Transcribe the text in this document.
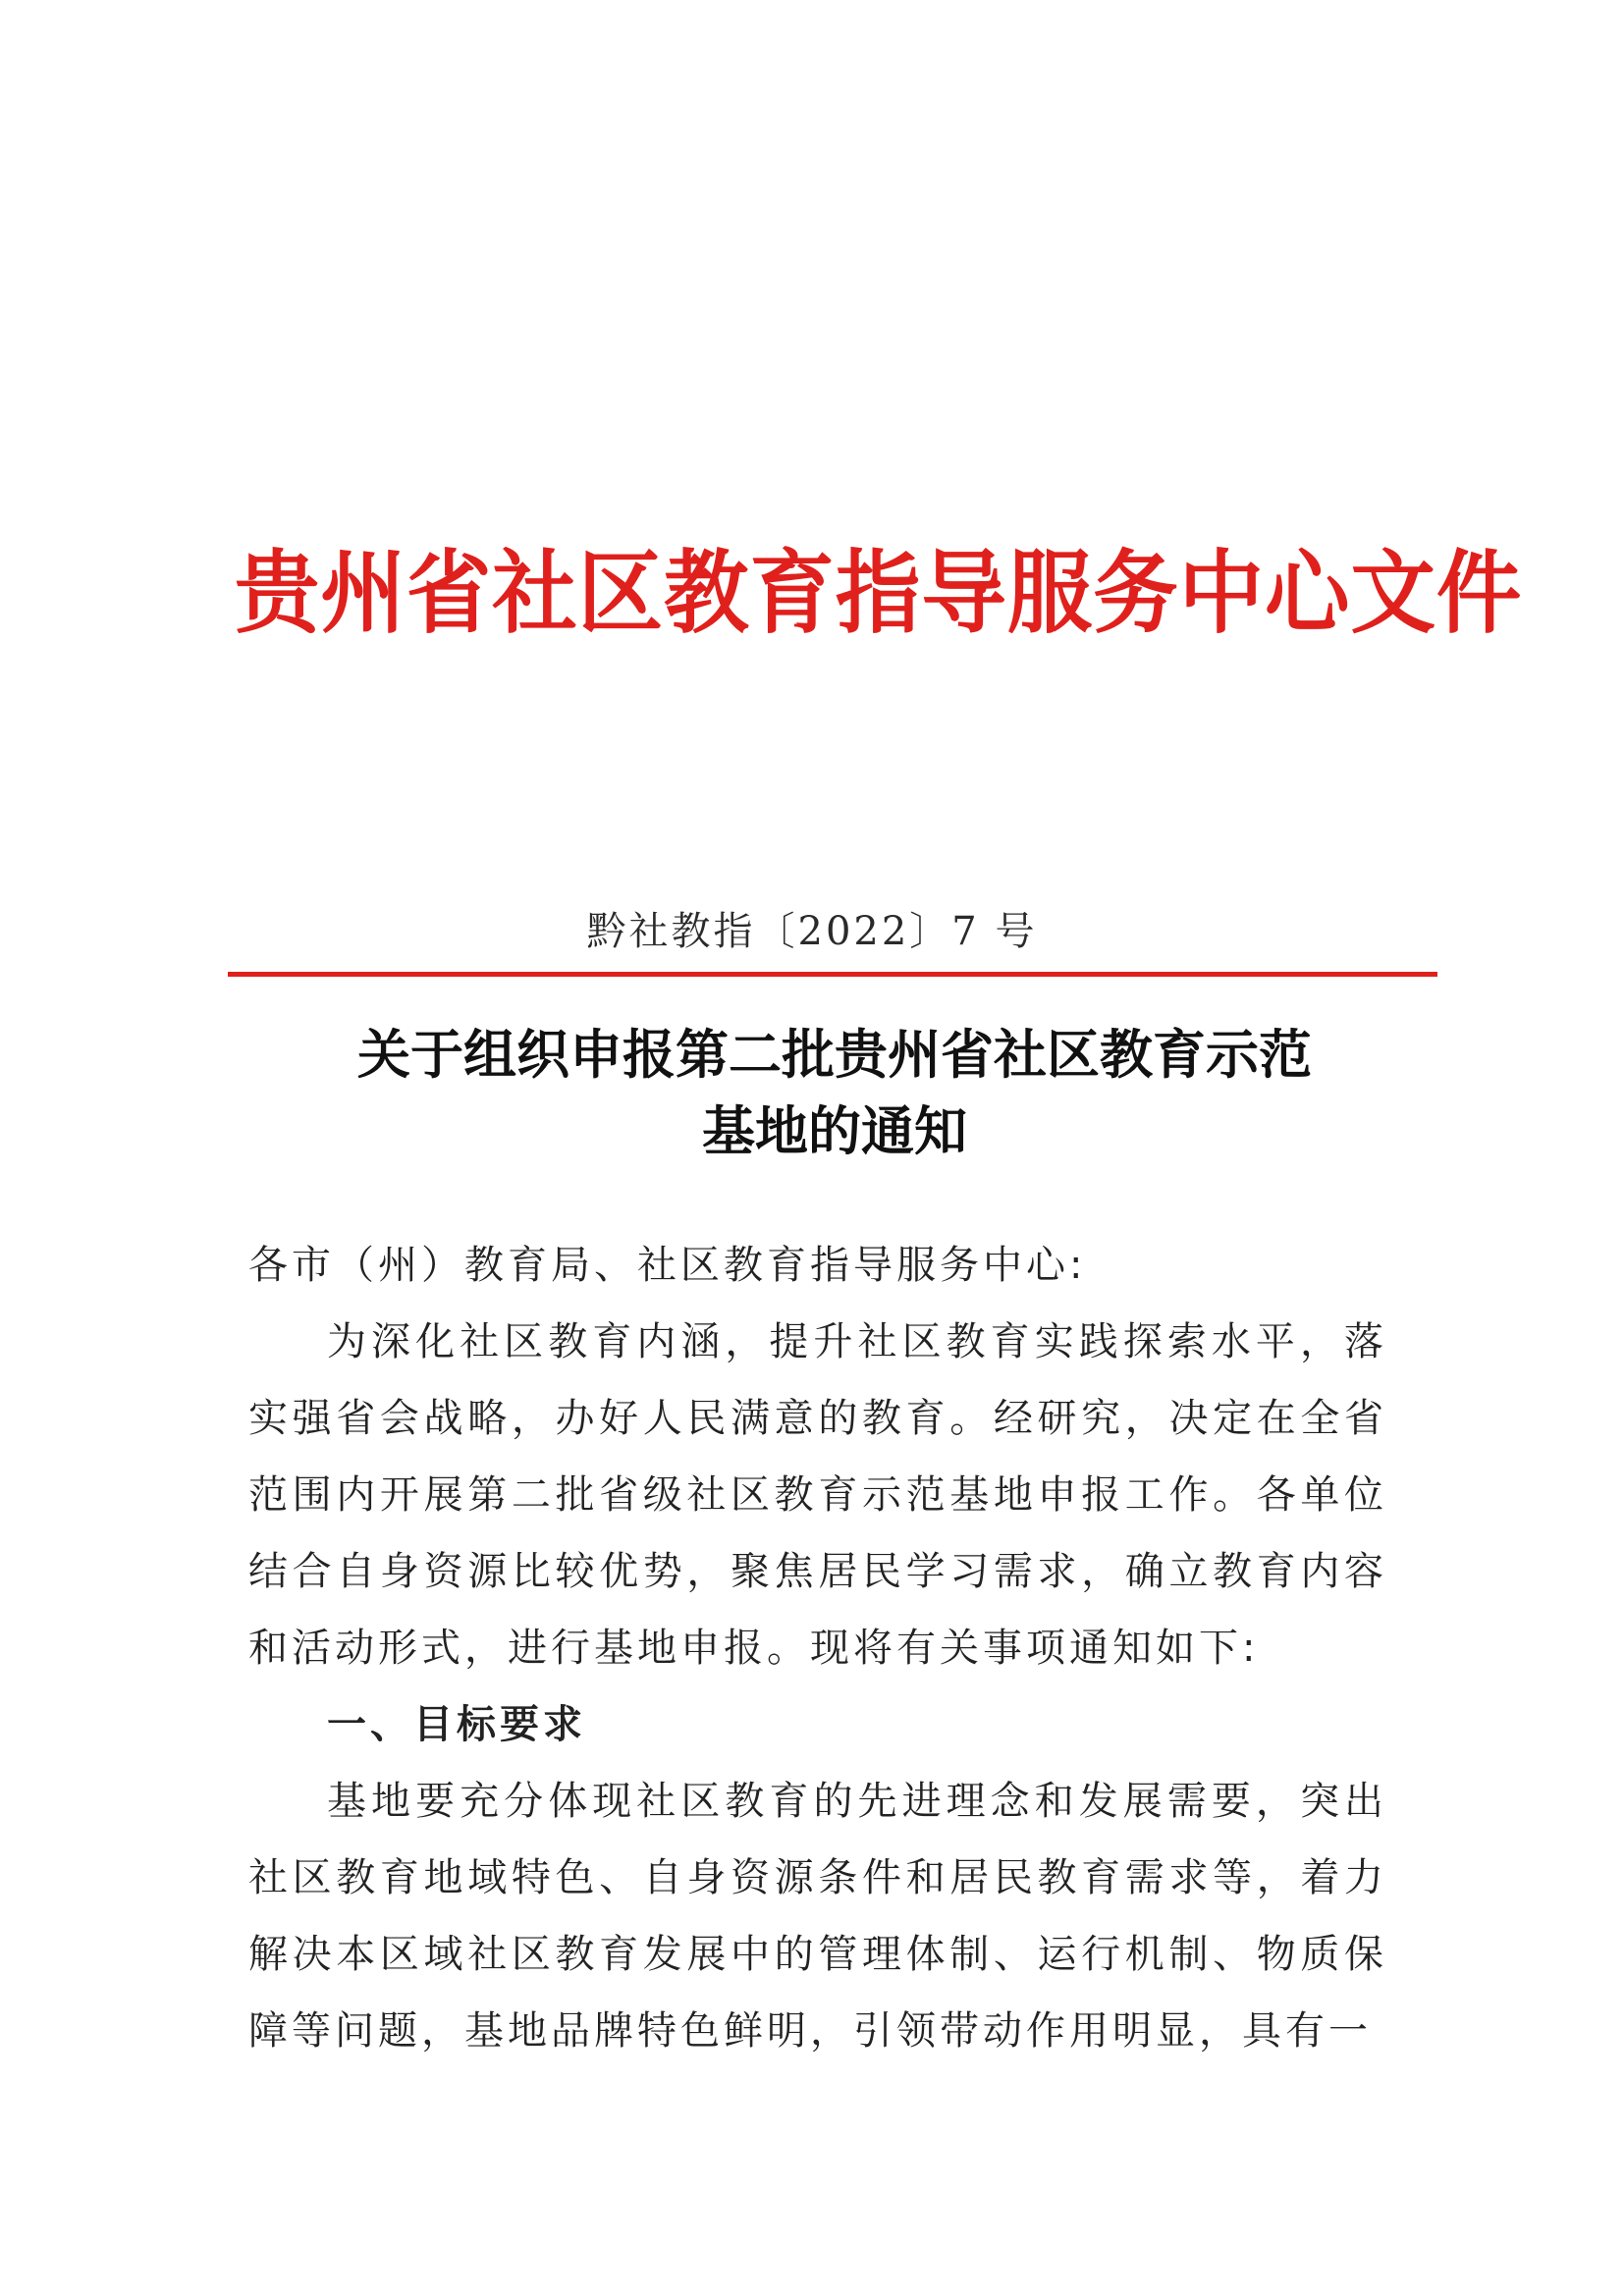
贵州省社区教育指导服务中心文件
黔社教指〔2022〕7 号
关于组织申报第二批贵州省社区教育示范
基地的通知

各市（州）教育局、社区教育指导服务中心:

为深化社区教育内涵，提升社区教育实践探索水平，落实强省会战略，办好人民满意的教育。经研究，决定在全省范围内开展第二批省级社区教育示范基地申报工作。各单位结合自身资源比较优势，聚焦居民学习需求，确立教育内容和活动形式，进行基地申报。现将有关事项通知如下:

一、目标要求

基地要充分体现社区教育的先进理念和发展需要，突出社区教育地域特色、自身资源条件和居民教育需求等，着力解决本区域社区教育发展中的管理体制、运行机制、物质保障等问题，基地品牌特色鲜明，引领带动作用明显，具有一
